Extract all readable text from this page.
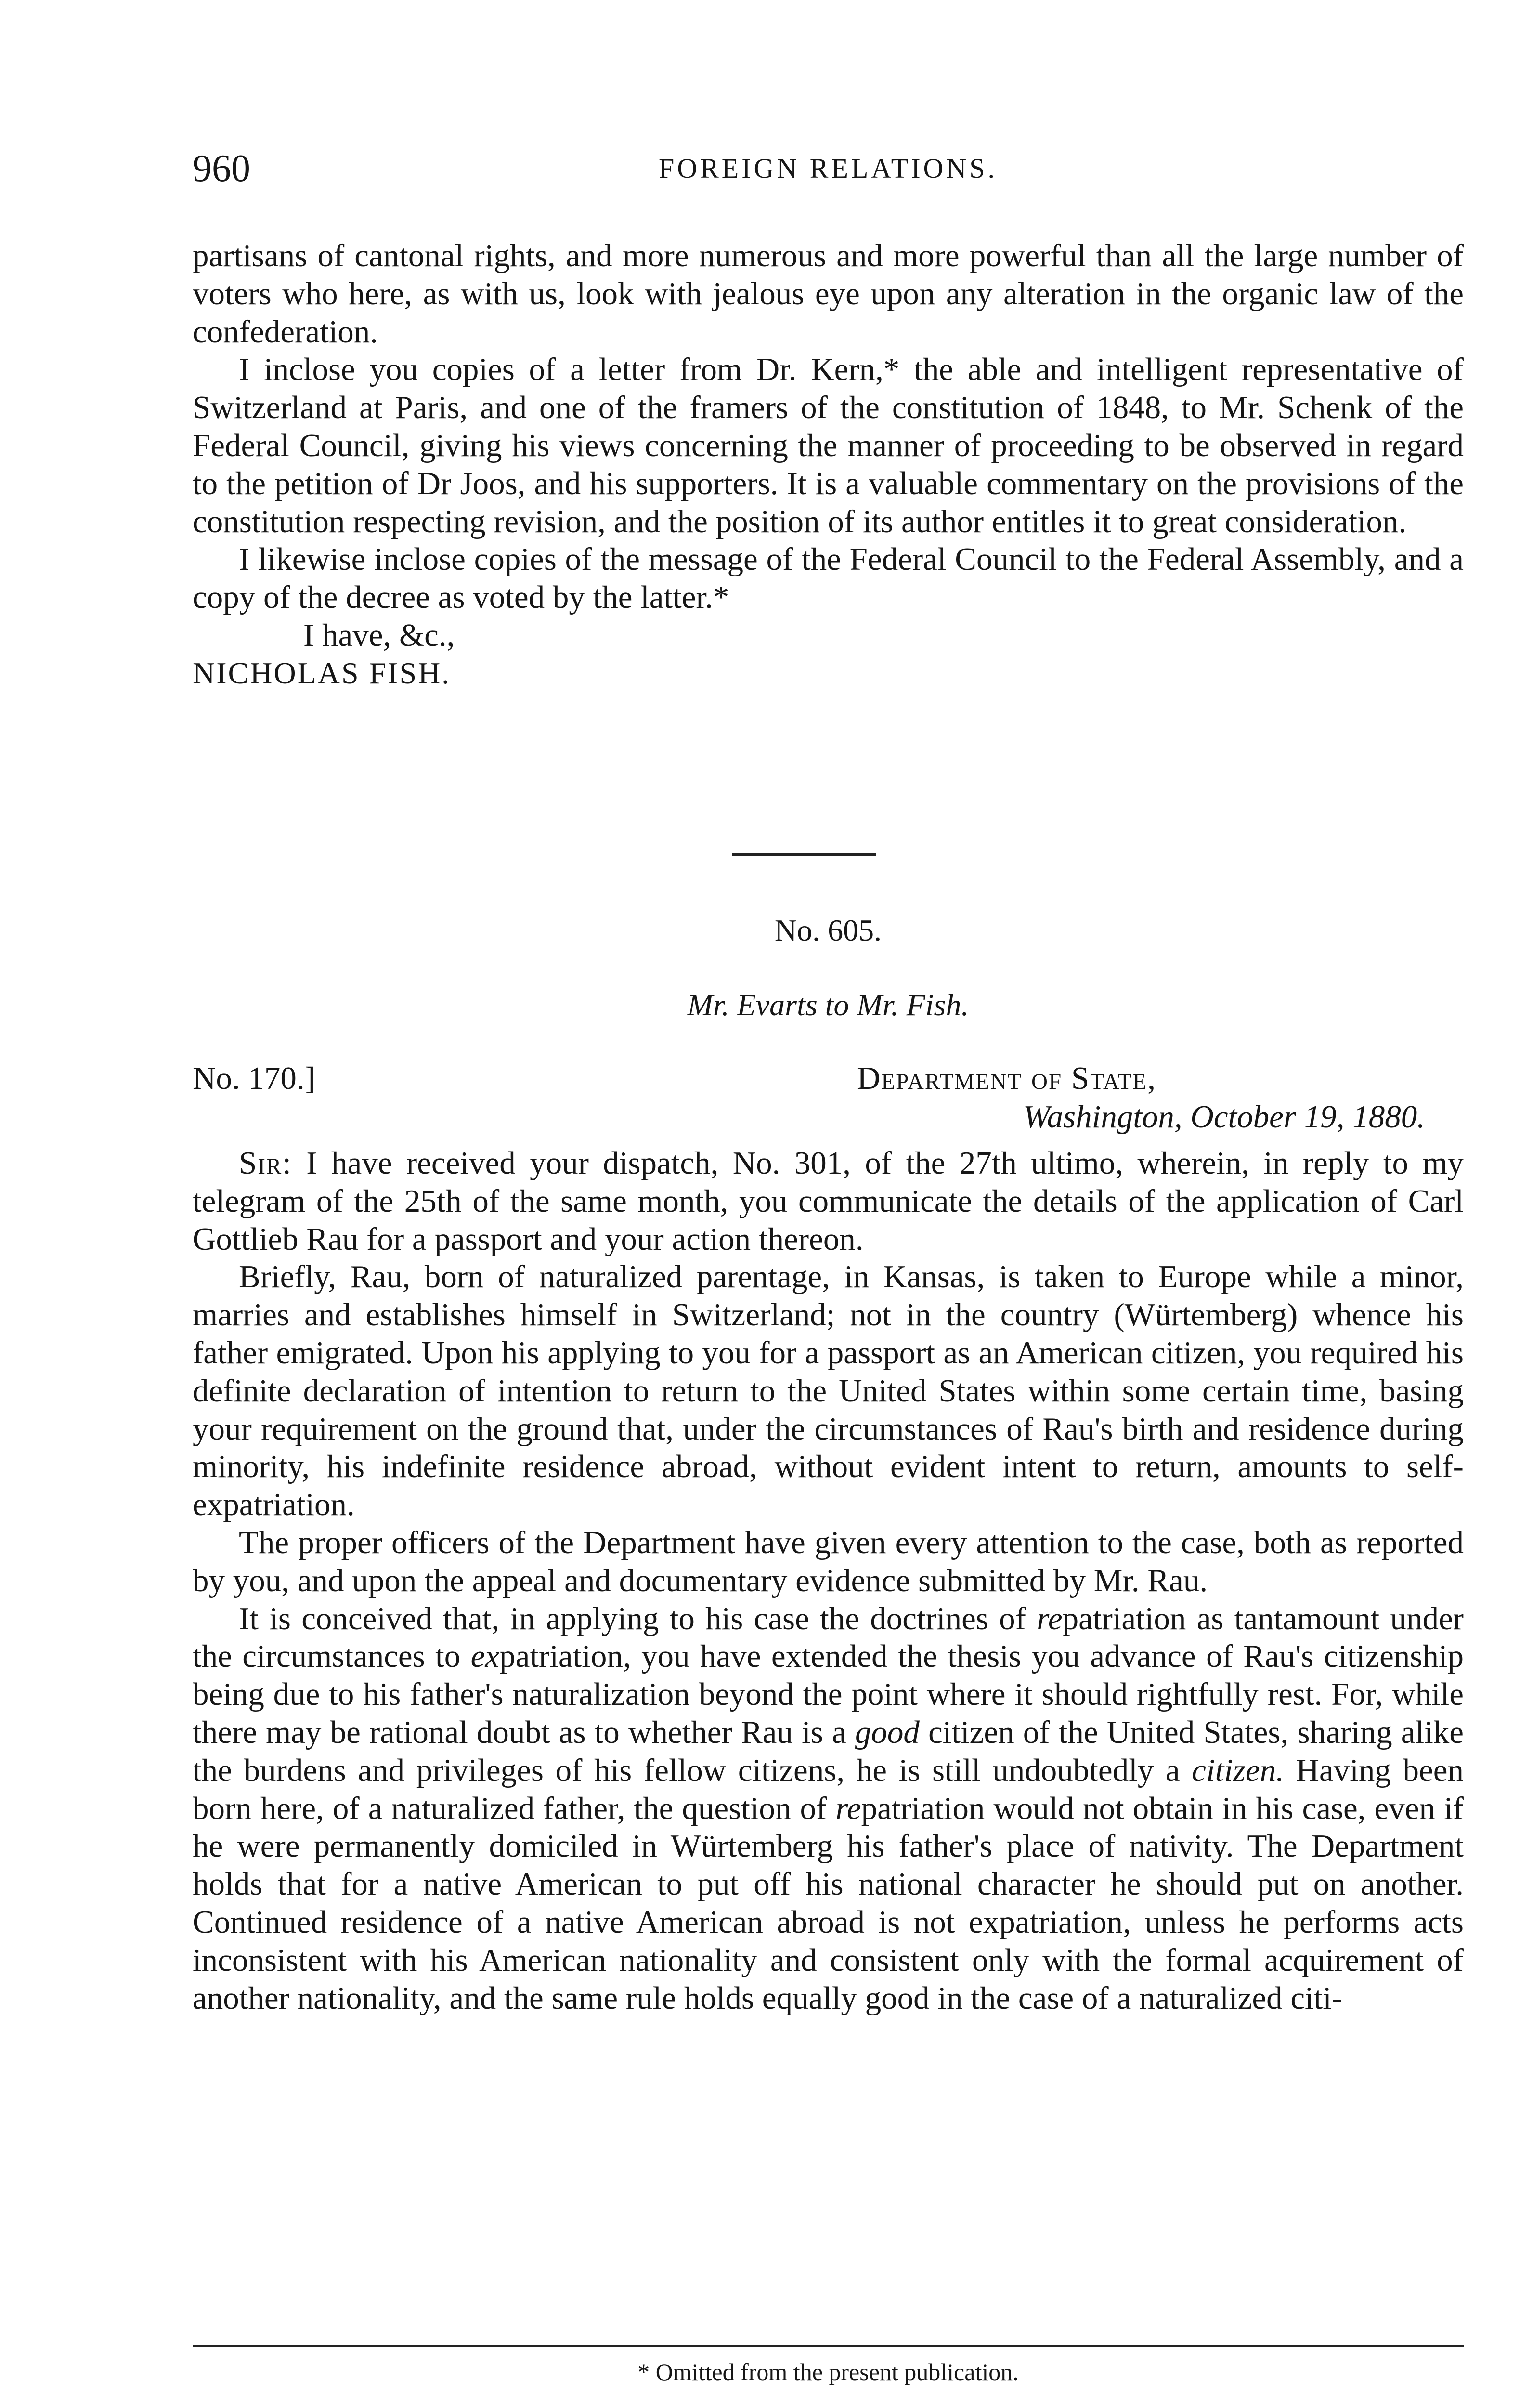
960	FOREIGN RELATIONS.

partisans of cantonal rights, and more numerous and more powerful than all the large number of voters who here, as with us, look with jealous eye upon any alteration in the organic law of the confederation.

I inclose you copies of a letter from Dr. Kern,* the able and intelligent representative of Switzerland at Paris, and one of the framers of the constitution of 1848, to Mr. Schenk of the Federal Council, giving his views concerning the manner of proceeding to be observed in regard to the petition of Dr Joos, and his supporters. It is a valuable commentary on the provisions of the constitution respecting revision, and the position of its author entitles it to great consideration.

I likewise inclose copies of the message of the Federal Council to the Federal Assembly, and a copy of the decree as voted by the latter.*

I have, &c.,

NICHOLAS FISH.

No. 605.
Mr. Evarts to Mr. Fish.
No. 170.]	Department of State,
Washington, October 19, 1880.

Sir: I have received your dispatch, No. 301, of the 27th ultimo, wherein, in reply to my telegram of the 25th of the same month, you communicate the details of the application of Carl Gottlieb Rau for a passport and your action thereon.

Briefly, Rau, born of naturalized parentage, in Kansas, is taken to Europe while a minor, marries and establishes himself in Switzerland; not in the country (Würtemberg) whence his father emigrated. Upon his applying to you for a passport as an American citizen, you required his definite declaration of intention to return to the United States within some certain time, basing your requirement on the ground that, under the circumstances of Rau's birth and residence during minority, his indefinite residence abroad, without evident intent to return, amounts to self-expatriation.

The proper officers of the Department have given every attention to the case, both as reported by you, and upon the appeal and documentary evidence submitted by Mr. Rau.

It is conceived that, in applying to his case the doctrines of repatriation as tantamount under the circumstances to expatriation, you have extended the thesis you advance of Rau's citizenship being due to his father's naturalization beyond the point where it should rightfully rest. For, while there may be rational doubt as to whether Rau is a good citizen of the United States, sharing alike the burdens and privileges of his fellow citizens, he is still undoubtedly a citizen. Having been born here, of a naturalized father, the question of repatriation would not obtain in his case, even if he were permanently domiciled in Würtemberg his father's place of nativity. The Department holds that for a native American to put off his national character he should put on another. Continued residence of a native American abroad is not expatriation, unless he performs acts inconsistent with his American nationality and consistent only with the formal acquirement of another nationality, and the same rule holds equally good in the case of a naturalized citi-

* Omitted from the present publication.
